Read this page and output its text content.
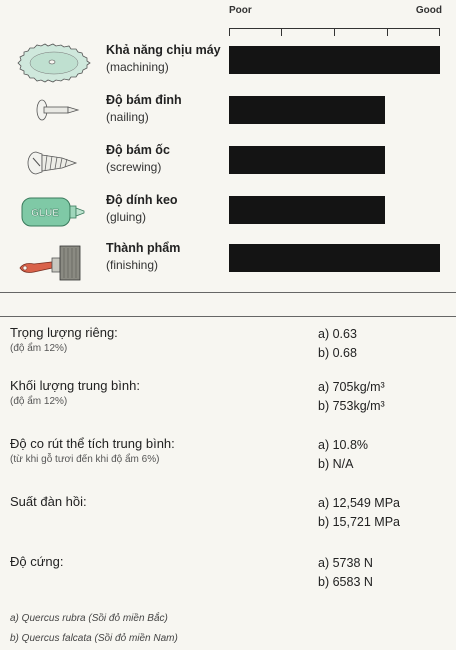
Poor	Good
Khả năng chịu máy
(machining)
Độ bám đinh
(nailing)
Độ bám ốc
(screwing)
GLUE
Độ dính keo
(gluing)
Thành phẩm
(finishing)
Trọng lượng riêng:
(độ ẩm 12%)
a) 0.63
b) 0.68
Khối lượng trung bình:
(độ ẩm 12%)
a) 705kg/m³
b) 753kg/m³
Độ co rút thể tích trung bình:
(từ khi gỗ tươi đến khi độ ẩm 6%)
a) 10.8%
b) N/A
Suất đàn hồi:	a) 12,549 MPa
b) 15,721 MPa
Độ cứng:	a) 5738 N
b) 6583 N
a) Quercus rubra (Sồi đỏ miền Bắc)
b) Quercus falcata (Sồi đỏ miền Nam)
